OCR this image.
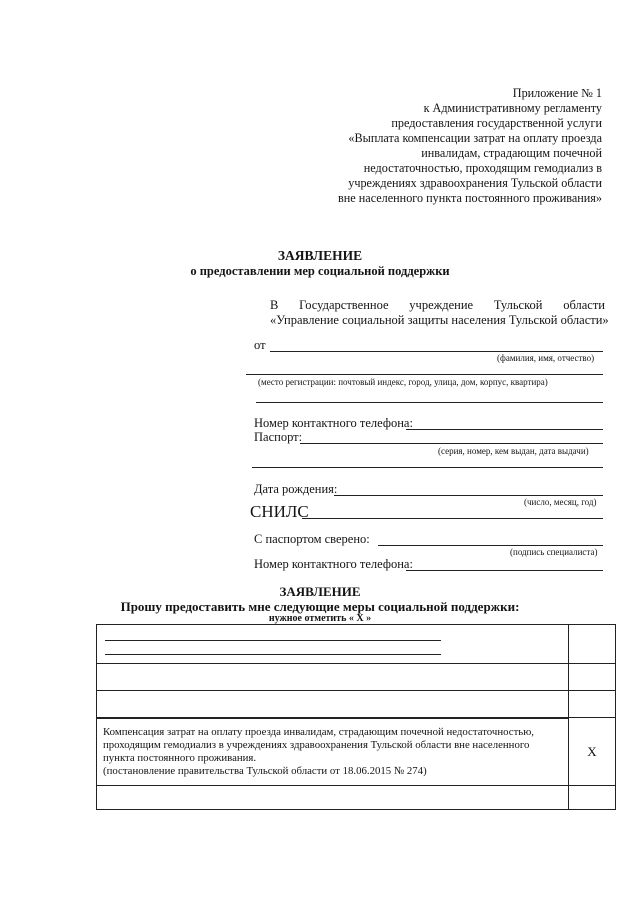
Приложение № 1
к Административному регламенту
предоставления государственной услуги
«Выплата компенсации затрат на оплату проезда
инвалидам, страдающим почечной
недостаточностью, проходящим гемодиализ в
учреждениях здравоохранения Тульской области
вне населенного пункта постоянного проживания»
ЗАЯВЛЕНИЕ
о предоставлении мер социальной поддержки
В Государственное учреждение Тульской области
«Управление социальной защиты населения Тульской области»
от
(фамилия, имя, отчество)
(место регистрации: почтовый индекс, город, улица, дом, корпус, квартира)
Номер контактного телефона:
Паспорт:
(серия, номер, кем выдан, дата выдачи)
Дата рождения:
(число, месяц, год)
СНИЛС
С паспортом сверено:
(подпись специалиста)
Номер контактного телефона:
ЗАЯВЛЕНИЕ
Прошу предоставить мне следующие меры социальной поддержки:
нужное отметить « Х »

Компенсация затрат на оплату проезда инвалидам, страдающим почечной недостаточностью,
проходящим гемодиализ в учреждениях здравоохранения Тульской области вне населенного
пункта постоянного проживания.
(постановление правительства Тульской области от 18.06.2015 № 274)	Х
